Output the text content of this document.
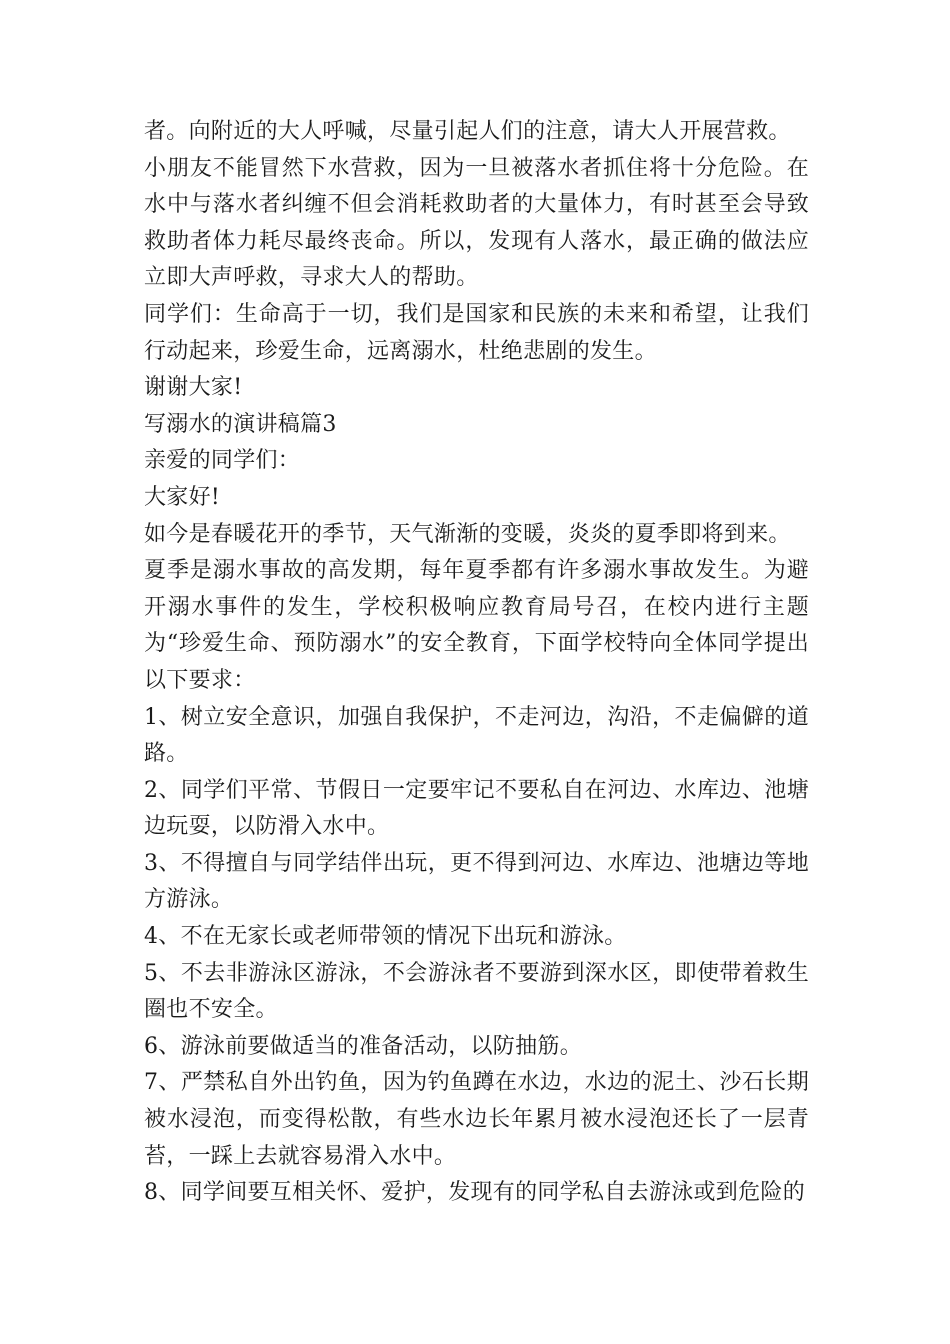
者。向附近的大人呼喊，尽量引起人们的注意，请大人开展营救。

小朋友不能冒然下水营救，因为一旦被落水者抓住将十分危险。在水中与落水者纠缠不但会消耗救助者的大量体力，有时甚至会导致救助者体力耗尽最终丧命。所以，发现有人落水，最正确的做法应立即大声呼救，寻求大人的帮助。

同学们：生命高于一切，我们是国家和民族的未来和希望，让我们行动起来，珍爱生命，远离溺水，杜绝悲剧的发生。

谢谢大家!

写溺水的演讲稿篇3

亲爱的同学们：

大家好!

如今是春暖花开的季节，天气渐渐的变暖，炎炎的夏季即将到来。

夏季是溺水事故的高发期，每年夏季都有许多溺水事故发生。为避开溺水事件的发生，学校积极响应教育局号召，在校内进行主题为“珍爱生命、预防溺水”的安全教育，下面学校特向全体同学提出以下要求：

1、树立安全意识，加强自我保护，不走河边，沟沿，不走偏僻的道路。

2、同学们平常、节假日一定要牢记不要私自在河边、水库边、池塘边玩耍，以防滑入水中。

3、不得擅自与同学结伴出玩，更不得到河边、水库边、池塘边等地方游泳。

4、不在无家长或老师带领的情况下出玩和游泳。

5、不去非游泳区游泳，不会游泳者不要游到深水区，即使带着救生圈也不安全。

6、游泳前要做适当的准备活动，以防抽筋。

7、严禁私自外出钓鱼，因为钓鱼蹲在水边，水边的泥土、沙石长期被水浸泡，而变得松散，有些水边长年累月被水浸泡还长了一层青苔，一踩上去就容易滑入水中。

8、同学间要互相关怀、爱护，发现有的同学私自去游泳或到危险的
